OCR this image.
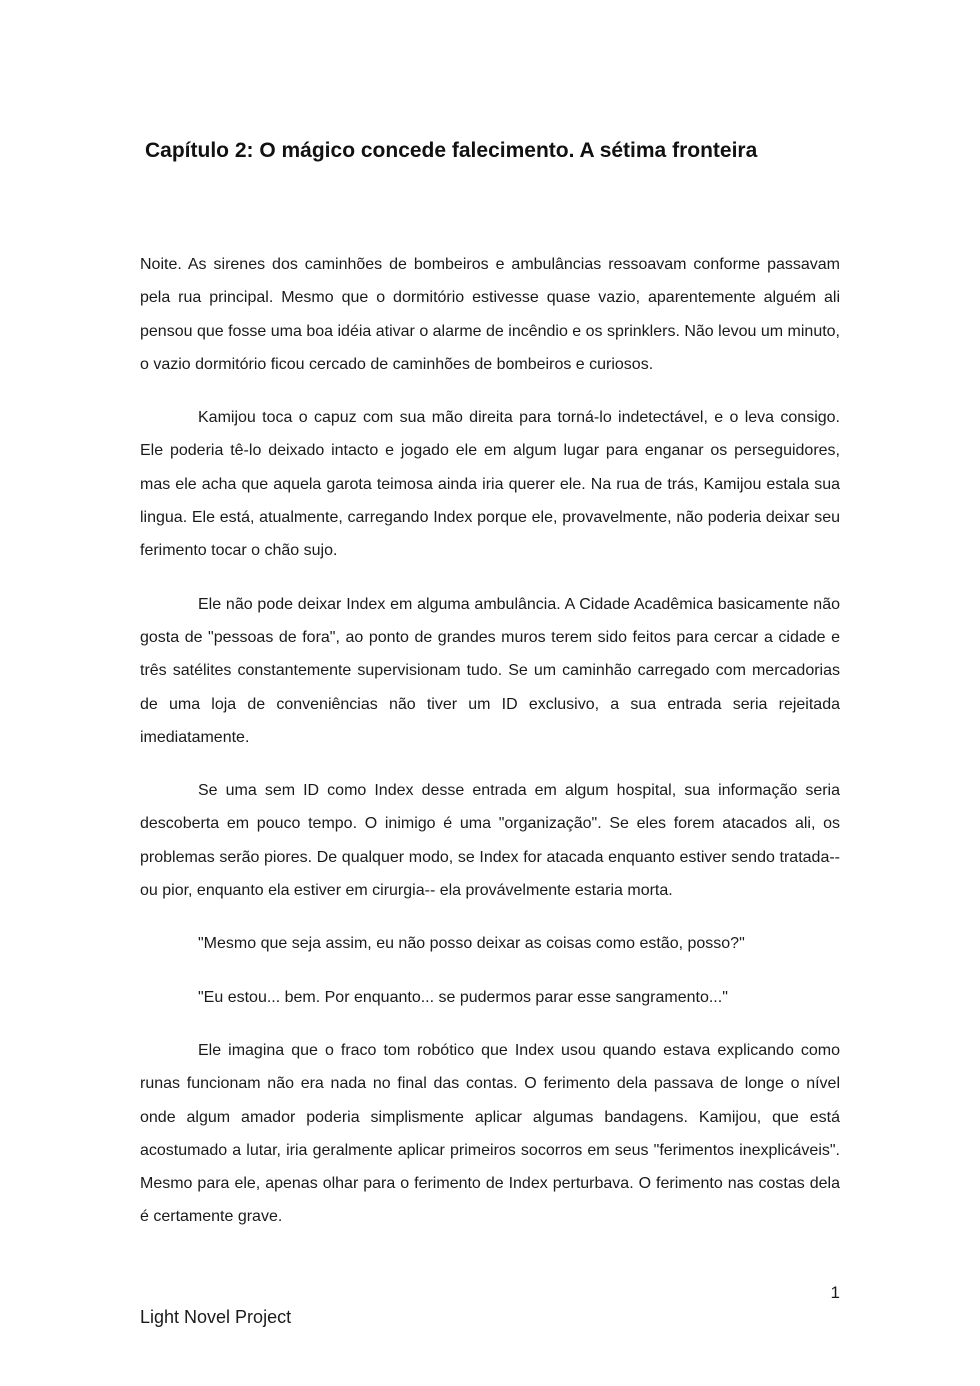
Capítulo 2: O mágico concede falecimento. A sétima fronteira

Noite. As sirenes dos caminhões de bombeiros e ambulâncias ressoavam conforme passavam pela rua principal. Mesmo que o dormitório estivesse quase vazio, aparentemente alguém ali pensou que fosse uma boa idéia ativar o alarme de incêndio e os sprinklers. Não levou um minuto, o vazio dormitório ficou cercado de caminhões de bombeiros e curiosos.

Kamijou toca o capuz com sua mão direita para torná-lo indetectável, e o leva consigo. Ele poderia tê-lo deixado intacto e jogado ele em algum lugar para enganar os perseguidores, mas ele acha que aquela garota teimosa ainda iria querer ele. Na rua de trás, Kamijou estala sua lingua. Ele está, atualmente, carregando Index porque ele, provavelmente, não poderia deixar seu ferimento tocar o chão sujo.

Ele não pode deixar Index em alguma ambulância. A Cidade Acadêmica basicamente não gosta de "pessoas de fora", ao ponto de grandes muros terem sido feitos para cercar a cidade e três satélites constantemente supervisionam tudo. Se um caminhão carregado com mercadorias de uma loja de conveniências não tiver um ID exclusivo, a sua entrada seria rejeitada imediatamente.

Se uma sem ID como Index desse entrada em algum hospital, sua informação seria descoberta em pouco tempo. O inimigo é uma "organização". Se eles forem atacados ali, os problemas serão piores. De qualquer modo, se Index for atacada enquanto estiver sendo tratada--ou pior, enquanto ela estiver em cirurgia-- ela provávelmente estaria morta.

"Mesmo que seja assim, eu não posso deixar as coisas como estão, posso?"

"Eu estou... bem. Por enquanto... se pudermos parar esse sangramento..."

Ele imagina que o fraco tom robótico que Index usou quando estava explicando como runas funcionam não era nada no final das contas. O ferimento dela passava de longe o nível onde algum amador poderia simplismente aplicar algumas bandagens. Kamijou, que está acostumado a lutar, iria geralmente aplicar primeiros socorros em seus "ferimentos inexplicáveis". Mesmo para ele, apenas olhar para o ferimento de Index perturbava. O ferimento nas costas dela é certamente grave.

1
Light Novel Project
